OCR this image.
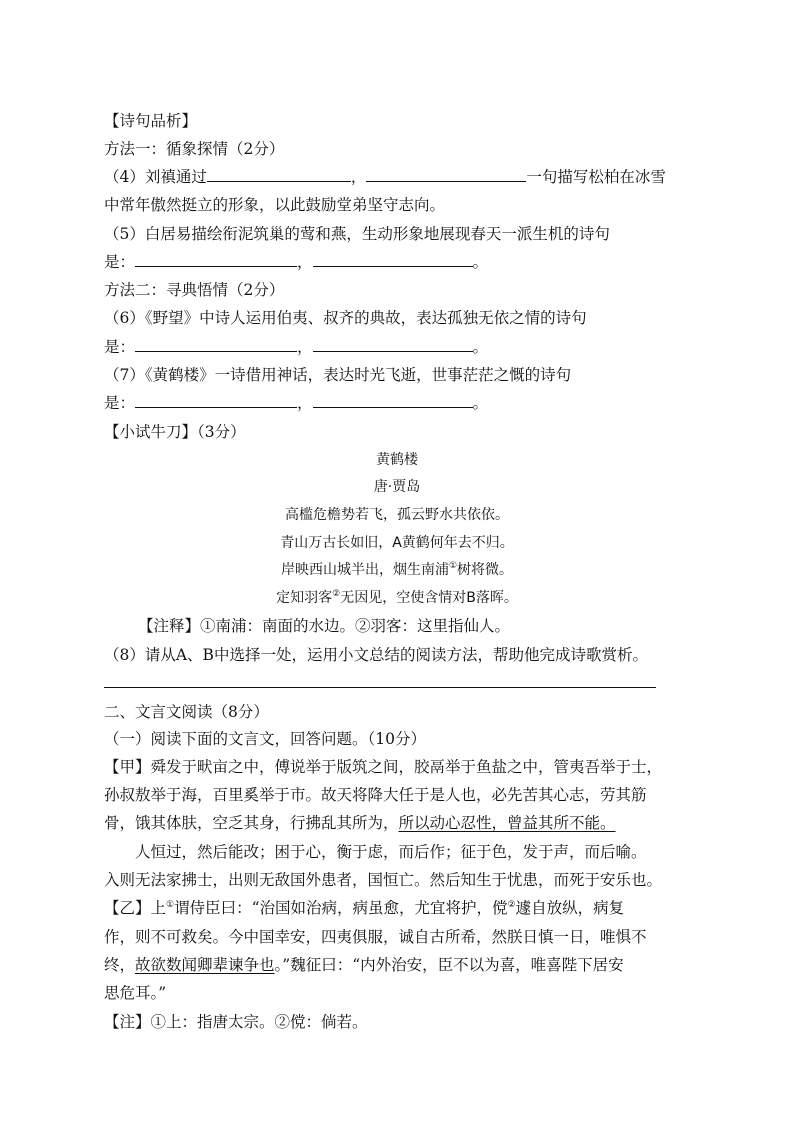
【诗句品析】
方法一：循象探情（2分）
（4）刘禛通过	，	一句描写松柏在冰雪
中常年傲然挺立的形象，以此鼓励堂弟坚守志向。
（5）白居易描绘衔泥筑巢的莺和燕，生动形象地展现春天一派生机的诗句
是：	，	。
方法二：寻典悟情（2分）
（6）《野望》中诗人运用伯夷、叔齐的典故，表达孤独无依之情的诗句
是：	，	。
（7）《黄鹤楼》一诗借用神话，表达时光飞逝，世事茫茫之慨的诗句
是：	，	。
【小试牛刀】（3分）
黄鹤楼
唐·贾岛
高槛危檐势若飞，孤云野水共依依。
青山万古长如旧，A黄鹤何年去不归。
岸映西山城半出，烟生南浦①树将微。
定知羽客②无因见，空使含情对B落晖。
【注释】①南浦：南面的水边。②羽客：这里指仙人。
（8）请从A、B中选择一处，运用小文总结的阅读方法，帮助他完成诗歌赏析。
二、文言文阅读（8分）
（一）阅读下面的文言文，回答问题。（10分）
【甲】舜发于畎亩之中，傅说举于版筑之间，胶鬲举于鱼盐之中，管夷吾举于士，
孙叔敖举于海，百里奚举于市。故天将降大任于是人也，必先苦其心志，劳其筋
骨，饿其体肤，空乏其身，行拂乱其所为，所以动心忍性，曾益其所不能。
人恒过，然后能改；困于心，衡于虑，而后作；征于色，发于声，而后喻。
入则无法家拂士，出则无敌国外患者，国恒亡。然后知生于忧患，而死于安乐也。
【乙】上①谓侍臣曰：“治国如治病，病虽愈，尤宜将护，傥②遽自放纵，病复
作，则不可救矣。今中国幸安，四夷俱服，诚自古所希，然朕日慎一日，唯惧不
终，故欲数闻卿辈谏争也。”魏征曰：“内外治安，臣不以为喜，唯喜陛下居安
思危耳。”
【注】①上：指唐太宗。②傥：倘若。
